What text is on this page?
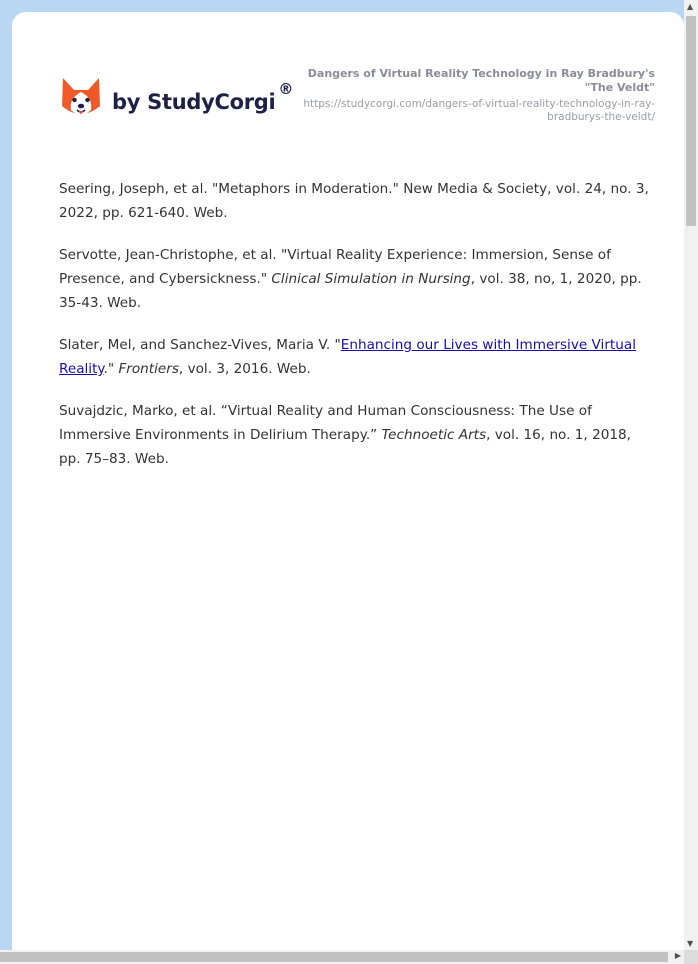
by StudyCorgi
®
Dangers of Virtual Reality Technology in Ray Bradbury's "The Veldt"
https://studycorgi.com/dangers-of-virtual-reality-technology-in-ray-bradburys-the-veldt/

Seering, Joseph, et al. "Metaphors in Moderation." New Media & Society, vol. 24, no. 3, 2022, pp. 621-640. Web.

Servotte, Jean-Christophe, et al. "Virtual Reality Experience: Immersion, Sense of Presence, and Cybersickness." Clinical Simulation in Nursing, vol. 38, no, 1, 2020, pp. 35-43. Web.

Slater, Mel, and Sanchez-Vives, Maria V. "Enhancing our Lives with Immersive Virtual Reality." Frontiers, vol. 3, 2016. Web.

Suvajdzic, Marko, et al. “Virtual Reality and Human Consciousness: The Use of Immersive Environments in Delirium Therapy.” Technoetic Arts, vol. 16, no. 1, 2018, pp. 75–83. Web.

▲
▼
▶
